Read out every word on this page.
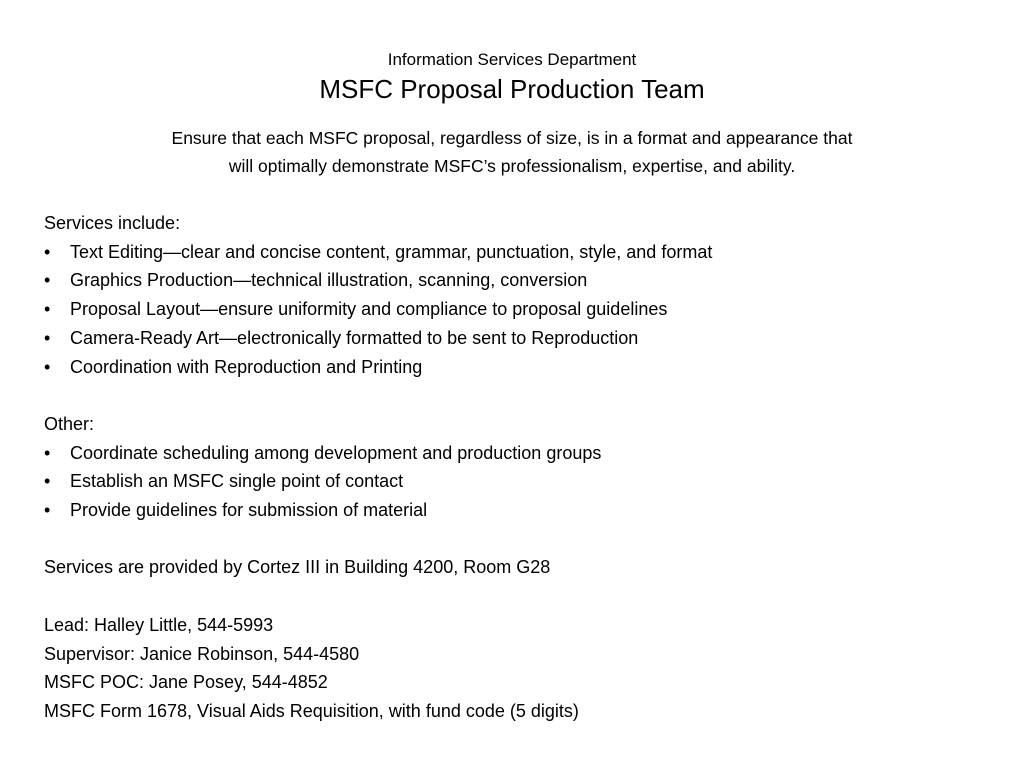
Information Services Department
MSFC Proposal Production Team

Ensure that each MSFC proposal, regardless of size, is in a format and appearance that

will optimally demonstrate MSFC’s professionalism, expertise, and ability.

Services include:

• Text Editing—clear and concise content, grammar, punctuation, style, and format
• Graphics Production—technical illustration, scanning, conversion
• Proposal Layout—ensure uniformity and compliance to proposal guidelines
• Camera-Ready Art—electronically formatted to be sent to Reproduction
• Coordination with Reproduction and Printing

Other:

• Coordinate scheduling among development and production groups
• Establish an MSFC single point of contact
• Provide guidelines for submission of material

Services are provided by Cortez III in Building 4200, Room G28

Lead: Halley Little, 544-5993

Supervisor: Janice Robinson, 544-4580

MSFC POC: Jane Posey, 544-4852

MSFC Form 1678, Visual Aids Requisition, with fund code (5 digits)
